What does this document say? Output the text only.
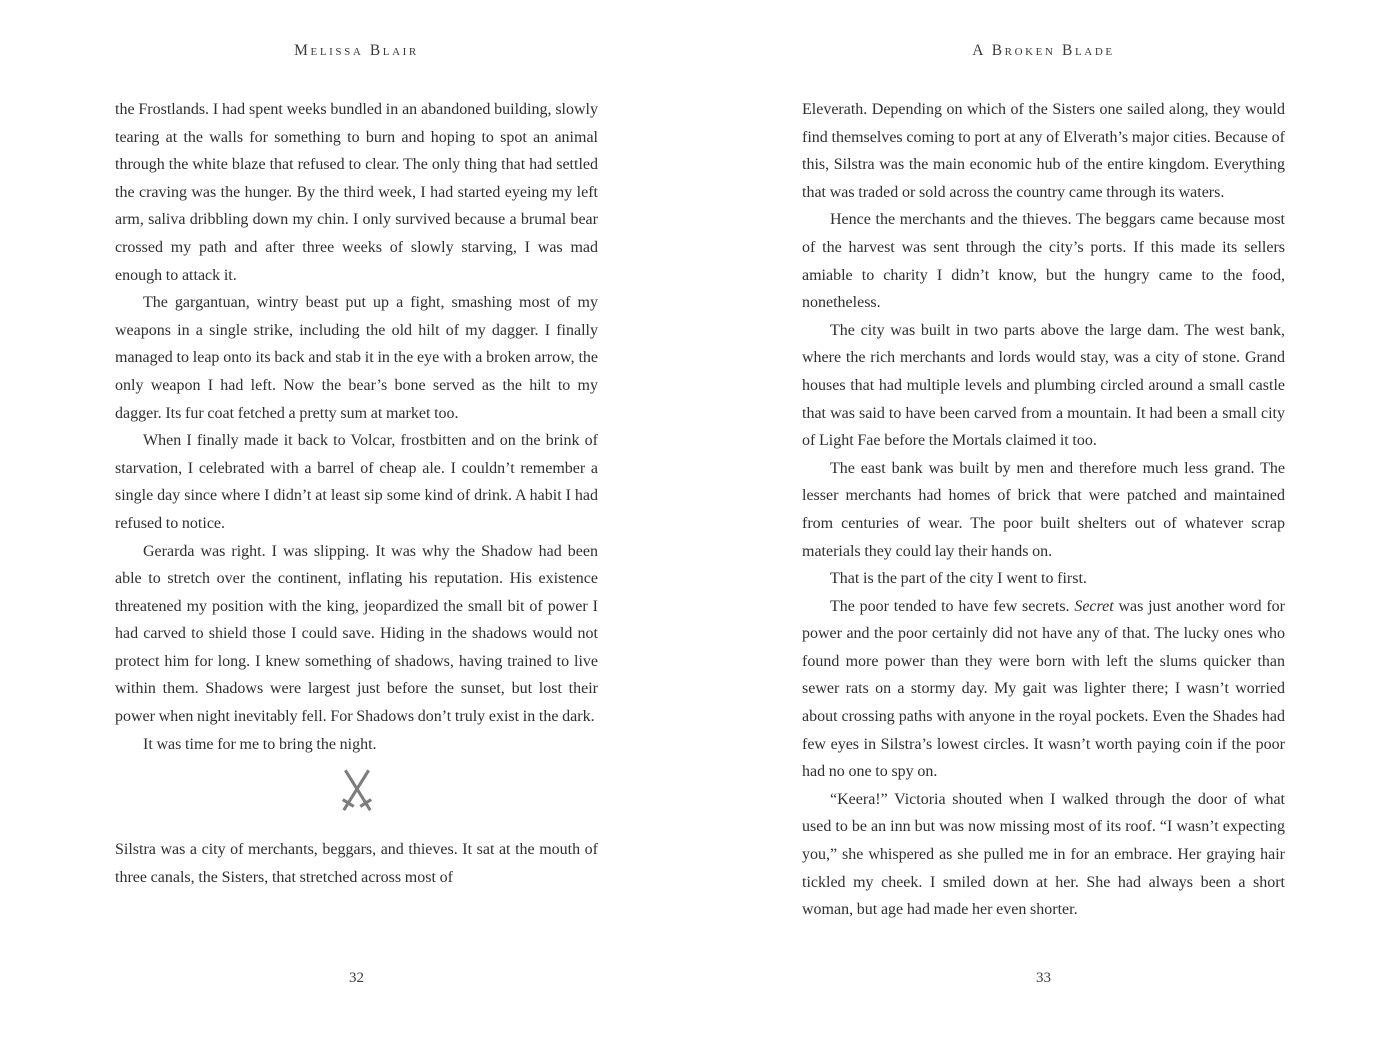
Melissa Blair

the Frostlands. I had spent weeks bundled in an abandoned building, slowly tearing at the walls for something to burn and hoping to spot an animal through the white blaze that refused to clear. The only thing that had settled the craving was the hunger. By the third week, I had started eyeing my left arm, saliva dribbling down my chin. I only survived because a brumal bear crossed my path and after three weeks of slowly starving, I was mad enough to attack it.

The gargantuan, wintry beast put up a fight, smashing most of my weapons in a single strike, including the old hilt of my dagger. I finally managed to leap onto its back and stab it in the eye with a broken arrow, the only weapon I had left. Now the bear’s bone served as the hilt to my dagger. Its fur coat fetched a pretty sum at market too.

When I finally made it back to Volcar, frostbitten and on the brink of starvation, I celebrated with a barrel of cheap ale. I couldn’t remember a single day since where I didn’t at least sip some kind of drink. A habit I had refused to notice.

Gerarda was right. I was slipping. It was why the Shadow had been able to stretch over the continent, inflating his reputation. His existence threatened my position with the king, jeopardized the small bit of power I had carved to shield those I could save. Hiding in the shadows would not protect him for long. I knew something of shadows, having trained to live within them. Shadows were largest just before the sunset, but lost their power when night inevitably fell. For Shadows don’t truly exist in the dark.

It was time for me to bring the night.

Silstra was a city of merchants, beggars, and thieves. It sat at the mouth of three canals, the Sisters, that stretched across most of

32
A Broken Blade

Eleverath. Depending on which of the Sisters one sailed along, they would find themselves coming to port at any of Elverath’s major cities. Because of this, Silstra was the main economic hub of the entire kingdom. Everything that was traded or sold across the country came through its waters.

Hence the merchants and the thieves. The beggars came because most of the harvest was sent through the city’s ports. If this made its sellers amiable to charity I didn’t know, but the hungry came to the food, nonetheless.

The city was built in two parts above the large dam. The west bank, where the rich merchants and lords would stay, was a city of stone. Grand houses that had multiple levels and plumbing circled around a small castle that was said to have been carved from a mountain. It had been a small city of Light Fae before the Mortals claimed it too.

The east bank was built by men and therefore much less grand. The lesser merchants had homes of brick that were patched and maintained from centuries of wear. The poor built shelters out of whatever scrap materials they could lay their hands on.

That is the part of the city I went to first.

The poor tended to have few secrets. Secret was just another word for power and the poor certainly did not have any of that. The lucky ones who found more power than they were born with left the slums quicker than sewer rats on a stormy day. My gait was lighter there; I wasn’t worried about crossing paths with anyone in the royal pockets. Even the Shades had few eyes in Silstra’s lowest circles. It wasn’t worth paying coin if the poor had no one to spy on.

“Keera!” Victoria shouted when I walked through the door of what used to be an inn but was now missing most of its roof. “I wasn’t expecting you,” she whispered as she pulled me in for an embrace. Her graying hair tickled my cheek. I smiled down at her. She had always been a short woman, but age had made her even shorter.

33
